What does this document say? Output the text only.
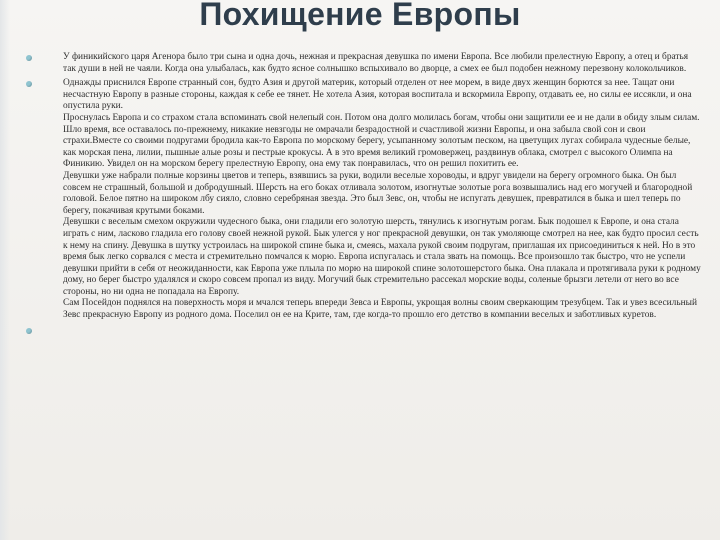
Похищение Европы

У финикийского царя Агенора было три сына и одна дочь, нежная и прекрасная девушка по имени Европа. Все любили прелестную Европу, а отец и братья так души в ней не чаяли. Когда она улыбалась, как будто ясное солнышко вспыхивало во дворце, а смех ее был подобен нежному перезвону колокольчиков.

Однажды приснился Европе странный сон, будто Азия и другой материк, который отделен от нее морем, в виде двух женщин борются за нее. Тащат они несчастную Европу в разные стороны, каждая к себе ее тянет. Не хотела Азия, которая воспитала и вскормила Европу, отдавать ее, но силы ее иссякли, и она опустила руки.

Проснулась Европа и со страхом стала вспоминать свой нелепый сон. Потом она долго молилась богам, чтобы они защитили ее и не дали в обиду злым силам. Шло время, все оставалось по-прежнему, никакие невзгоды не омрачали безрадостной и счастливой жизни Европы, и она забыла свой сон и свои страхи.Вместе со своими подругами бродила как-то Европа по морскому берегу, усыпанному золотым песком, на цветущих лугах собирала чудесные белые, как морская пена, лилии, пышные алые розы и пестрые крокусы. А в это время великий громовержец, раздвинув облака, смотрел с высокого Олимпа на Финикию. Увидел он на морском берегу прелестную Европу, она ему так понравилась, что он решил похитить ее.

Девушки уже набрали полные корзины цветов и теперь, взявшись за руки, водили веселые хороводы, и вдруг увидели на берегу огромного быка. Он был совсем не страшный, большой и добродушный. Шерсть на его боках отливала золотом, изогнутые золотые рога возвышались над его могучей и благородной головой. Белое пятно на широком лбу сияло, словно серебряная звезда. Это был Зевс, он, чтобы не испугать девушек, превратился в быка и шел теперь по берегу, покачивая крутыми боками.

Девушки с веселым смехом окружили чудесного быка, они гладили его золотую шерсть, тянулись к изогнутым рогам. Бык подошел к Европе, и она стала играть с ним, ласково гладила его голову своей нежной рукой. Бык улегся у ног прекрасной девушки, он так умоляюще смотрел на нее, как будто просил сесть к нему на спину. Девушка в шутку устроилась на широкой спине быка и, смеясь, махала рукой своим подругам, приглашая их присоединиться к ней. Но в это время бык легко сорвался с места и стремительно помчался к морю. Европа испугалась и стала звать на помощь. Все произошло так быстро, что не успели девушки прийти в себя от неожиданности, как Европа уже плыла по морю на широкой спине золотошерстого быка. Она плакала и протягивала руки к родному дому, но берег быстро удалялся и скоро совсем пропал из виду. Могучий бык стремительно рассекал морские воды, соленые брызги летели от него во все стороны, но ни одна не попадала на Европу.

Сам Посейдон поднялся на поверхность моря и мчался теперь впереди Зевса и Европы, укрощая волны своим сверкающим трезубцем. Так и увез всесильный Зевс прекрасную Европу из родного дома. Поселил он ее на Крите, там, где когда-то прошло его детство в компании веселых и заботливых куретов.
